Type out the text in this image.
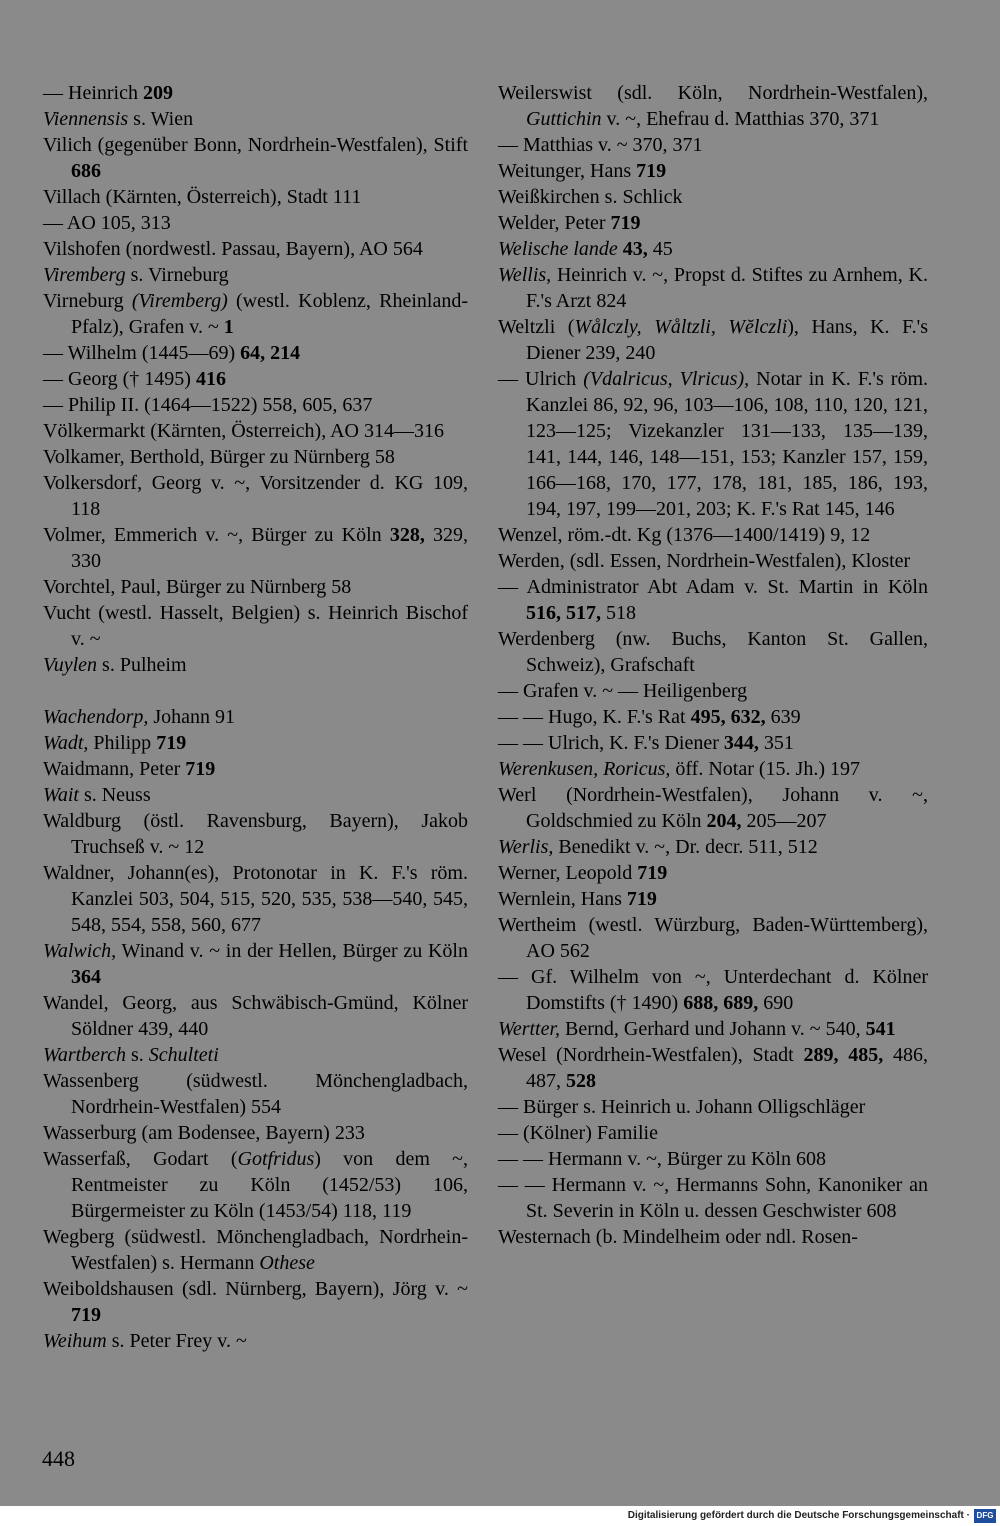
— Heinrich 209
Viennensis s. Wien
Vilich (gegenüber Bonn, Nordrhein-Westfalen), Stift 686
Villach (Kärnten, Österreich), Stadt 111
— AO 105, 313
Vilshofen (nordwestl. Passau, Bayern), AO 564
Viremberg s. Virneburg
Virneburg (Viremberg) (westl. Koblenz, Rheinland-Pfalz), Grafen v. ~ 1
— Wilhelm (1445—69) 64, 214
— Georg († 1495) 416
— Philip II. (1464—1522) 558, 605, 637
Völkermarkt (Kärnten, Österreich), AO 314—316
Volkamer, Berthold, Bürger zu Nürnberg 58
Volkersdorf, Georg v. ~, Vorsitzender d. KG 109, 118
Volmer, Emmerich v. ~, Bürger zu Köln 328, 329, 330
Vorchtel, Paul, Bürger zu Nürnberg 58
Vucht (westl. Hasselt, Belgien) s. Heinrich Bischof v. ~
Vuylen s. Pulheim
Wachendorp, Johann 91
Wadt, Philipp 719
Waidmann, Peter 719
Wait s. Neuss
Waldburg (östl. Ravensburg, Bayern), Jakob Truchseß v. ~ 12
Waldner, Johann(es), Protonotar in K. F.'s röm. Kanzlei 503, 504, 515, 520, 535, 538—540, 545, 548, 554, 558, 560, 677
Walwich, Winand v. ~ in der Hellen, Bürger zu Köln 364
Wandel, Georg, aus Schwäbisch-Gmünd, Kölner Söldner 439, 440
Wartberch s. Schulteti
Wassenberg (südwestl. Mönchengladbach, Nordrhein-Westfalen) 554
Wasserburg (am Bodensee, Bayern) 233
Wasserfaß, Godart (Gotfridus) von dem ~, Rentmeister zu Köln (1452/53) 106, Bürgermeister zu Köln (1453/54) 118, 119
Wegberg (südwestl. Mönchengladbach, Nordrhein-Westfalen) s. Hermann Othese
Weiboldshausen (sdl. Nürnberg, Bayern), Jörg v. ~ 719
Weihum s. Peter Frey v. ~
Weilerswist (sdl. Köln, Nordrhein-Westfalen), Guttichin v. ~, Ehefrau d. Matthias 370, 371
— Matthias v. ~ 370, 371
Weitunger, Hans 719
Weißkirchen s. Schlick
Welder, Peter 719
Welische lande 43, 45
Wellis, Heinrich v. ~, Propst d. Stiftes zu Arnhem, K. F.'s Arzt 824
Weltzli (Wålczly, Wåltzli, Wĕlczli), Hans, K. F.'s Diener 239, 240
— Ulrich (Vdalricus, Vlricus), Notar in K. F.'s röm. Kanzlei 86, 92, 96, 103—106, 108, 110, 120, 121, 123—125; Vizekanzler 131—133, 135—139, 141, 144, 146, 148—151, 153; Kanzler 157, 159, 166—168, 170, 177, 178, 181, 185, 186, 193, 194, 197, 199—201, 203; K. F.'s Rat 145, 146
Wenzel, röm.-dt. Kg (1376—1400/1419) 9, 12
Werden, (sdl. Essen, Nordrhein-Westfalen), Kloster
— Administrator Abt Adam v. St. Martin in Köln 516, 517, 518
Werdenberg (nw. Buchs, Kanton St. Gallen, Schweiz), Grafschaft
— Grafen v. ~ — Heiligenberg
— — Hugo, K. F.'s Rat 495, 632, 639
— — Ulrich, K. F.'s Diener 344, 351
Werenkusen, Roricus, öff. Notar (15. Jh.) 197
Werl (Nordrhein-Westfalen), Johann v. ~, Goldschmied zu Köln 204, 205—207
Werlis, Benedikt v. ~, Dr. decr. 511, 512
Werner, Leopold 719
Wernlein, Hans 719
Wertheim (westl. Würzburg, Baden-Württemberg), AO 562
— Gf. Wilhelm von ~, Unterdechant d. Kölner Domstifts († 1490) 688, 689, 690
Wertter, Bernd, Gerhard und Johann v. ~ 540, 541
Wesel (Nordrhein-Westfalen), Stadt 289, 485, 486, 487, 528
— Bürger s. Heinrich u. Johann Olligschläger
— (Kölner) Familie
— — Hermann v. ~, Bürger zu Köln 608
— — Hermann v. ~, Hermanns Sohn, Kanoniker an St. Severin in Köln u. dessen Geschwister 608
Westernach (b. Mindelheim oder ndl. Rosen-
448
Digitalisierung gefördert durch die Deutsche Forschungsgemeinschaft · DFG
